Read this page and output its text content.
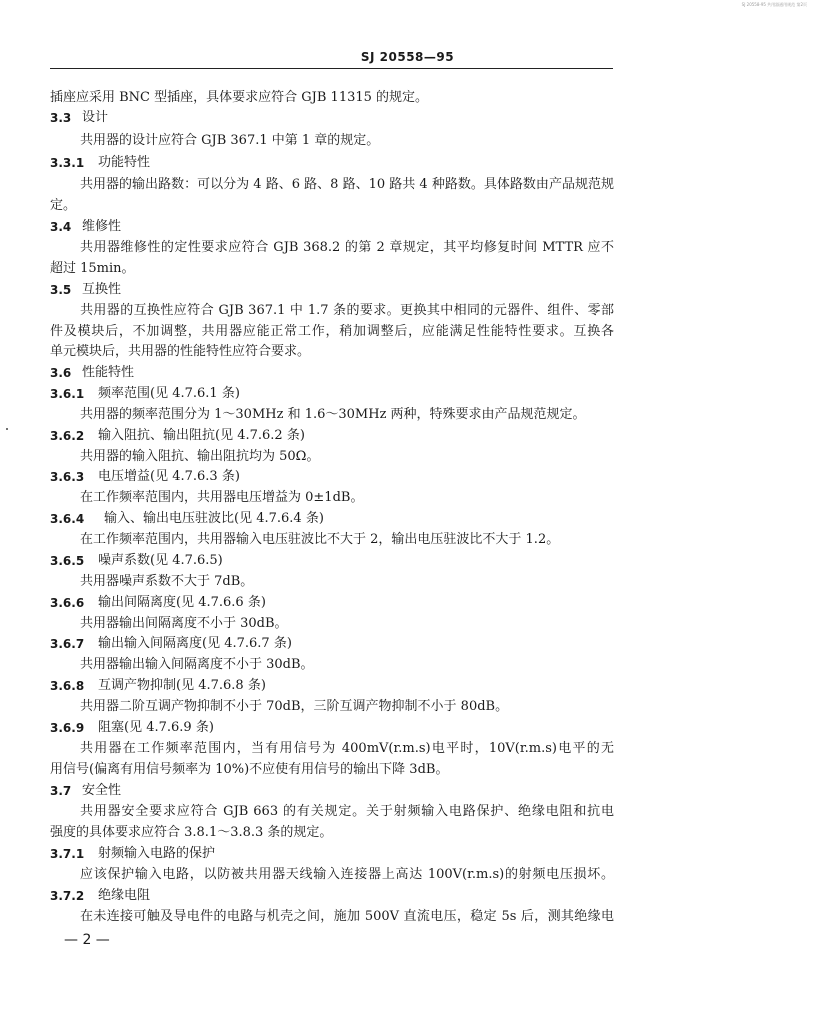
SJ 20558-95 共用器通用规范 第2页
SJ 20558—95
插座应采用 BNC 型插座，具体要求应符合 GJB 11315 的规定。
3.3 设计
共用器的设计应符合 GJB 367.1 中第 1 章的规定。
3.3.1 功能特性
共用器的输出路数：可以分为 4 路、6 路、8 路、10 路共 4 种路数。具体路数由产品规范规
定。
3.4 维修性
共用器维修性的定性要求应符合 GJB 368.2 的第 2 章规定，其平均修复时间 MTTR 应不
超过 15min。
3.5 互换性
共用器的互换性应符合 GJB 367.1 中 1.7 条的要求。更换其中相同的元器件、组件、零部
件及模块后，不加调整，共用器应能正常工作，稍加调整后，应能满足性能特性要求。互换各
单元模块后，共用器的性能特性应符合要求。
3.6 性能特性
3.6.1 频率范围(见 4.7.6.1 条)
共用器的频率范围分为 1～30MHz 和 1.6～30MHz 两种，特殊要求由产品规范规定。
3.6.2 输入阻抗、输出阻抗(见 4.7.6.2 条)
共用器的输入阻抗、输出阻抗均为 50Ω。
3.6.3 电压增益(见 4.7.6.3 条)
在工作频率范围内，共用器电压增益为 0±1dB。
3.6.4 输入、输出电压驻波比(见 4.7.6.4 条)
在工作频率范围内，共用器输入电压驻波比不大于 2，输出电压驻波比不大于 1.2。
3.6.5 噪声系数(见 4.7.6.5)
共用器噪声系数不大于 7dB。
3.6.6 输出间隔离度(见 4.7.6.6 条)
共用器输出间隔离度不小于 30dB。
3.6.7 输出输入间隔离度(见 4.7.6.7 条)
共用器输出输入间隔离度不小于 30dB。
3.6.8 互调产物抑制(见 4.7.6.8 条)
共用器二阶互调产物抑制不小于 70dB，三阶互调产物抑制不小于 80dB。
3.6.9 阻塞(见 4.7.6.9 条)
共用器在工作频率范围内，当有用信号为 400mV(r.m.s)电平时，10V(r.m.s)电平的无
用信号(偏离有用信号频率为 10%)不应使有用信号的输出下降 3dB。
3.7 安全性
共用器安全要求应符合 GJB 663 的有关规定。关于射频输入电路保护、绝缘电阻和抗电
强度的具体要求应符合 3.8.1～3.8.3 条的规定。
3.7.1 射频输入电路的保护
应该保护输入电路，以防被共用器天线输入连接器上高达 100V(r.m.s)的射频电压损坏。
3.7.2 绝缘电阻
在未连接可触及导电件的电路与机壳之间，施加 500V 直流电压，稳定 5s 后，测其绝缘电
— 2 —
